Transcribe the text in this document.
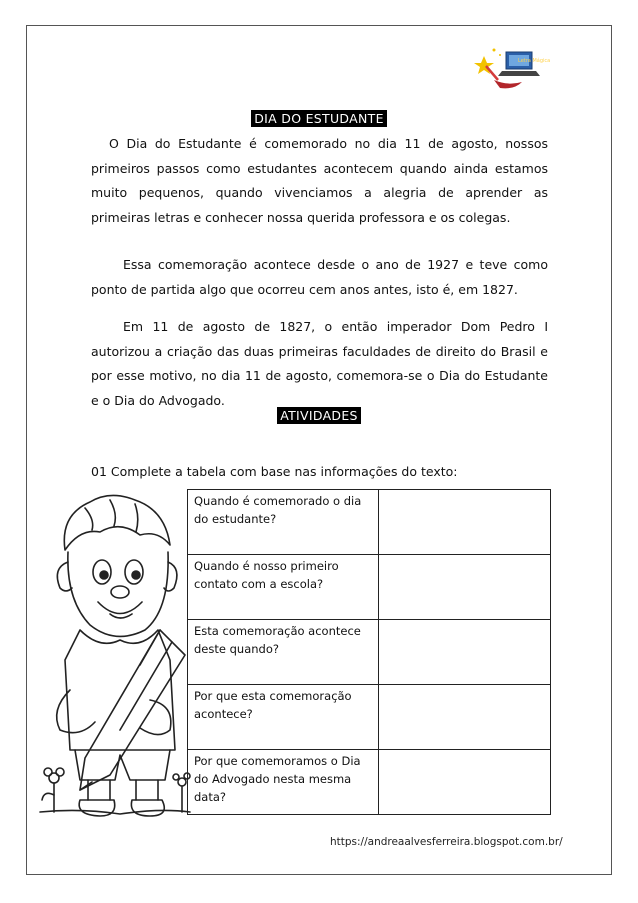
Letra Mágica
DIA DO ESTUDANTE

O Dia do Estudante é comemorado no dia 11 de agosto, nossos primeiros passos como estudantes acontecem quando ainda estamos muito pequenos, quando vivenciamos a alegria de aprender as primeiras letras e conhecer nossa querida professora e os colegas.

Essa comemoração acontece desde o ano de 1927 e teve como ponto de partida algo que ocorreu cem anos antes, isto é, em 1827.

Em 11 de agosto de 1827, o então imperador Dom Pedro I autorizou a criação das duas primeiras faculdades de direito do Brasil e por esse motivo, no dia 11 de agosto, comemora-se o Dia do Estudante e o Dia do Advogado.

ATIVIDADES
01 Complete a tabela com base nas informações do texto:
Quando é comemorado o dia do estudante?	
Quando é nosso primeiro contato com a escola?	
Esta comemoração acontece deste quando?	
Por que esta comemoração acontece?	
Por que comemoramos o Dia do Advogado nesta mesma data?	
https://andreaalvesferreira.blogspot.com.br/
